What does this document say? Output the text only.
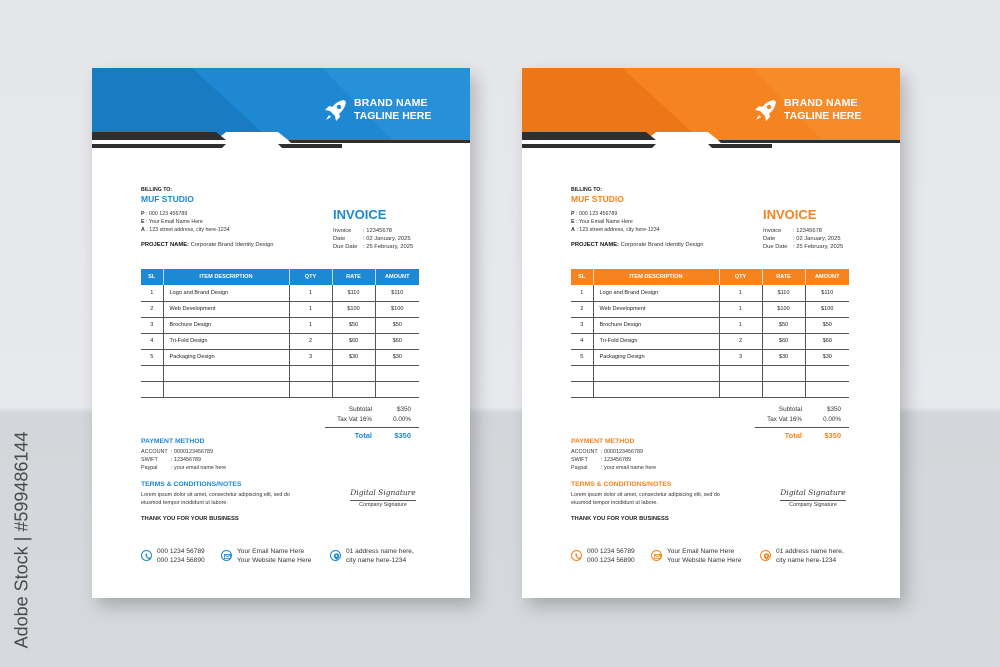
Adobe Stock | #599486144
BRAND NAME
TAGLINE HERE
BILLING TO:
MUF STUDIO
P : 000 123 456789
E : Your Email Name Here
A : 123 street address, city here-1234
PROJECT NAME: Corporate Brand Identity Design
INVOICE
Invoice : 12345678
Date	: 02 January, 2025
Due Date : 25 February, 2025
SL	ITEM DESCRIPTION	QTY	RATE	AMOUNT
1	Logo and Brand Design	1	$110	$110
2	Web Development	1	$100	$100
3	Brochure Design	1	$50	$50
4	Tri-Fold Design	2	$60	$60
5	Packaging Design	3	$30	$30

Subtotal	$350
Tax Vat 16%	0.00%
Total	$350
PAYMENT METHOD
ACCOUNT : 0000123456789
SWIFT : 123456789
Paypal	: your email name here
TERMS & CONDITIONS/NOTES
Lorem ipsum dolor sit amet, consectetur adipiscing elit, sed do eiusmod tempor incididunt ut labore.
THANK YOU FOR YOUR BUSINESS
Digital Signature
Company Signature
000 1234 56789
000 1234 56890
Your Email Name Here
Your Website Name Here
01 address name here,
city name here-1234
BRAND NAME
TAGLINE HERE
BILLING TO:
MUF STUDIO
P : 000 123 456789
E : Your Email Name Here
A : 123 street address, city here-1234
PROJECT NAME: Corporate Brand Identity Design
INVOICE
Invoice : 12345678
Date	: 02 January, 2025
Due Date : 25 February, 2025
SL	ITEM DESCRIPTION	QTY	RATE	AMOUNT
1	Logo and Brand Design	1	$110	$110
2	Web Development	1	$100	$100
3	Brochure Design	1	$50	$50
4	Tri-Fold Design	2	$60	$60
5	Packaging Design	3	$30	$30

Subtotal	$350
Tax Vat 16%	0.00%
Total	$350
PAYMENT METHOD
ACCOUNT : 0000123456789
SWIFT : 123456789
Paypal	: your email name here
TERMS & CONDITIONS/NOTES
Lorem ipsum dolor sit amet, consectetur adipiscing elit, sed do eiusmod tempor incididunt ut labore.
THANK YOU FOR YOUR BUSINESS
Digital Signature
Company Signature
000 1234 56789
000 1234 56890
Your Email Name Here
Your Website Name Here
01 address name here,
city name here-1234
